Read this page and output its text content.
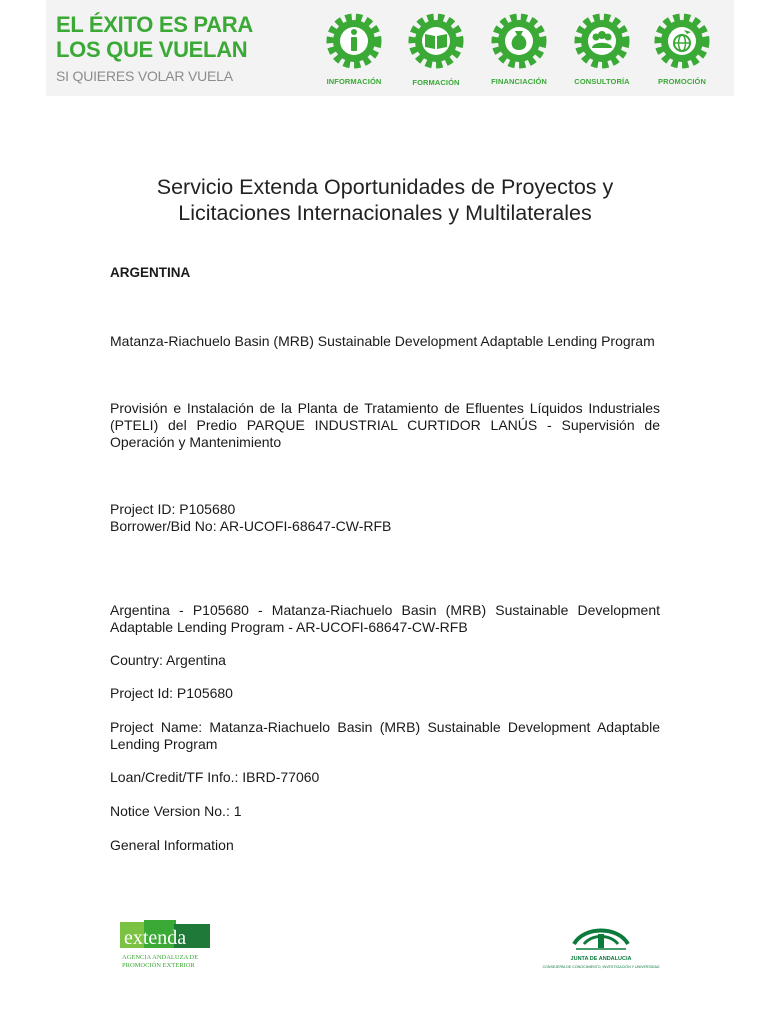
EL ÉXITO ES PARA
LOS QUE VUELAN
SI QUIERES VOLAR VUELA	INFORMACIÓN	FORMACIÓN	FINANCIACIÓN	CONSULTORÍA	PROMOCIÓN
Servicio Extenda Oportunidades de Proyectos y
Licitaciones Internacionales y Multilaterales
ARGENTINA
Matanza-Riachuelo Basin (MRB) Sustainable Development Adaptable Lending Program
Provisión e Instalación de la Planta de Tratamiento de Efluentes Líquidos Industriales (PTELI) del Predio PARQUE INDUSTRIAL CURTIDOR LANÚS - Supervisión de Operación y Mantenimiento
Project ID: P105680
Borrower/Bid No: AR-UCOFI-68647-CW-RFB
Argentina - P105680 - Matanza-Riachuelo Basin (MRB) Sustainable Development Adaptable Lending Program - AR-UCOFI-68647-CW-RFB
Country: Argentina
Project Id: P105680
Project Name: Matanza-Riachuelo Basin (MRB) Sustainable Development Adaptable Lending Program
Loan/Credit/TF Info.: IBRD-77060
Notice Version No.: 1
General Information
extenda
AGENCIA ANDALUZA DE
PROMOCIÓN EXTERIOR
JUNTA DE ANDALUCIA
CONSEJERÍA DE CONOCIMIENTO, INVESTIGACIÓN Y UNIVERSIDAD
